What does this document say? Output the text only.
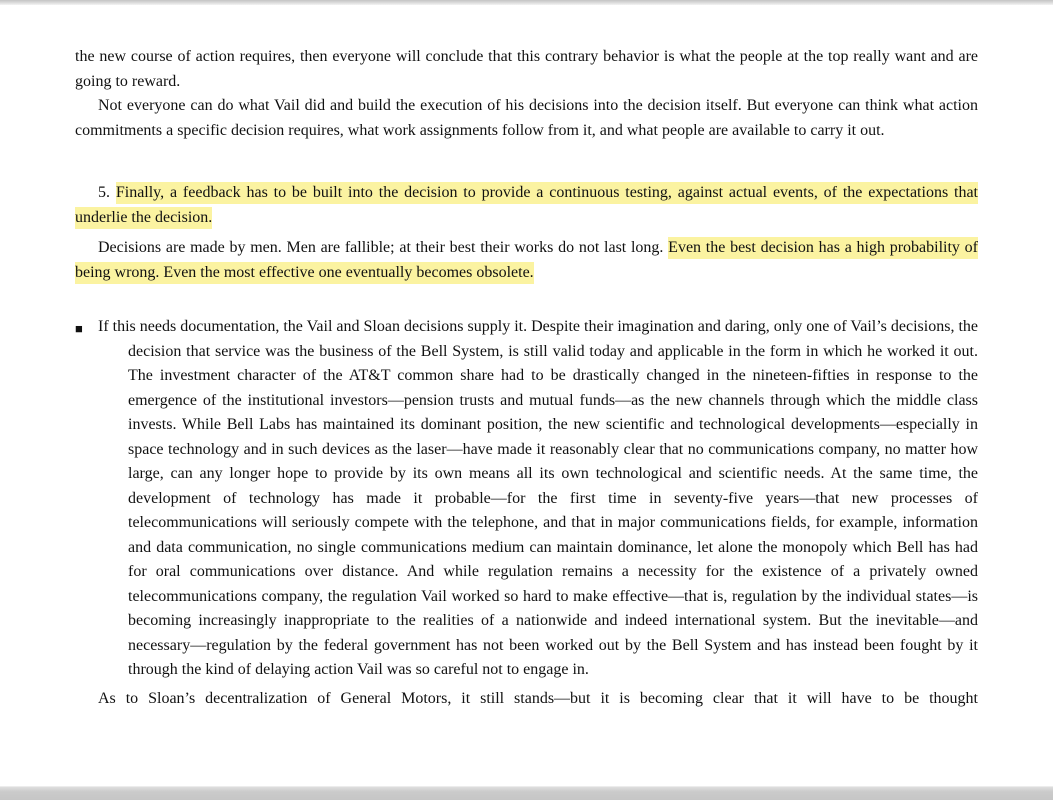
the new course of action requires, then everyone will conclude that this contrary behavior is what the people at the top really want and are going to reward.
Not everyone can do what Vail did and build the execution of his decisions into the decision itself. But everyone can think what action commitments a specific decision requires, what work assignments follow from it, and what people are available to carry it out.
5. Finally, a feedback has to be built into the decision to provide a continuous testing, against actual events, of the expectations that underlie the decision.
Decisions are made by men. Men are fallible; at their best their works do not last long. Even the best decision has a high probability of being wrong. Even the most effective one eventually becomes obsolete.
■ If this needs documentation, the Vail and Sloan decisions supply it. Despite their imagination and daring, only one of Vail’s decisions, the decision that service was the business of the Bell System, is still valid today and applicable in the form in which he worked it out. The investment character of the AT&T common share had to be drastically changed in the nineteen-fifties in response to the emergence of the institutional investors—pension trusts and mutual funds—as the new channels through which the middle class invests. While Bell Labs has maintained its dominant position, the new scientific and technological developments—especially in space technology and in such devices as the laser—have made it reasonably clear that no communications company, no matter how large, can any longer hope to provide by its own means all its own technological and scientific needs. At the same time, the development of technology has made it probable—for the first time in seventy-five years—that new processes of telecommunications will seriously compete with the telephone, and that in major communications fields, for example, information and data communication, no single communications medium can maintain dominance, let alone the monopoly which Bell has had for oral communications over distance. And while regulation remains a necessity for the existence of a privately owned telecommunications company, the regulation Vail worked so hard to make effective—that is, regulation by the individual states—is becoming increasingly inappropriate to the realities of a nationwide and indeed international system. But the inevitable—and necessary—regulation by the federal government has not been worked out by the Bell System and has instead been fought by it through the kind of delaying action Vail was so careful not to engage in.
As to Sloan’s decentralization of General Motors, it still stands—but it is becoming clear that it will have to be thought
